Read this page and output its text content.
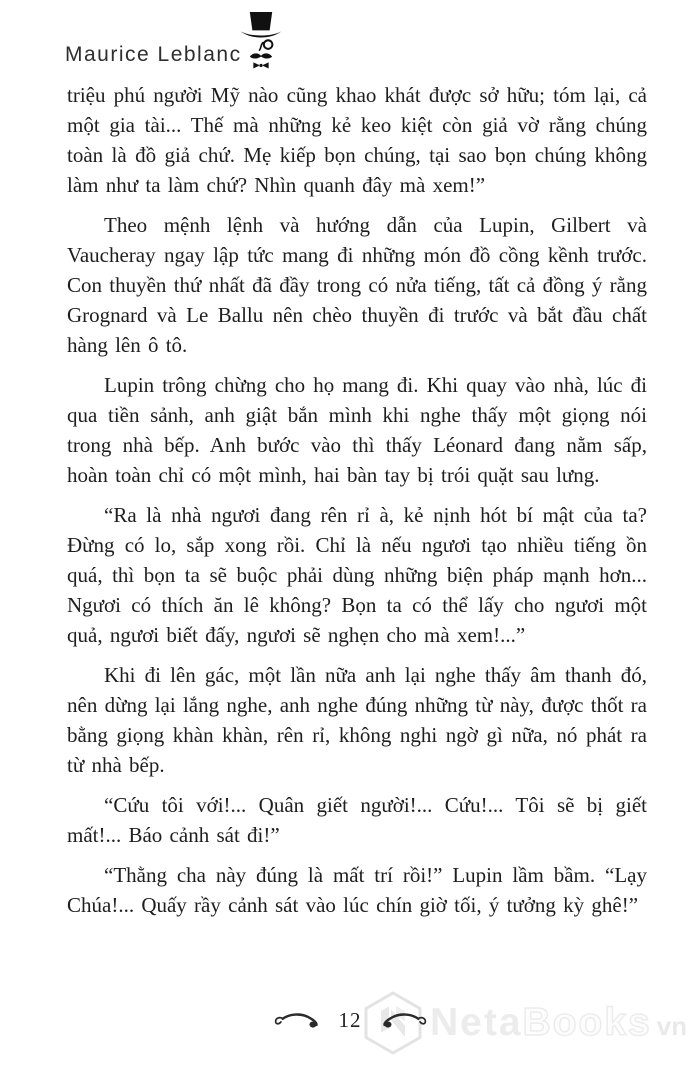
Maurice Leblanc

triệu phú người Mỹ nào cũng khao khát được sở hữu; tóm lại, cả một gia tài... Thế mà những kẻ keo kiệt còn giả vờ rằng chúng toàn là đồ giả chứ. Mẹ kiếp bọn chúng, tại sao bọn chúng không làm như ta làm chứ? Nhìn quanh đây mà xem!”

Theo mệnh lệnh và hướng dẫn của Lupin, Gilbert và Vaucheray ngay lập tức mang đi những món đồ cồng kềnh trước. Con thuyền thứ nhất đã đầy trong có nửa tiếng, tất cả đồng ý rằng Grognard và Le Ballu nên chèo thuyền đi trước và bắt đầu chất hàng lên ô tô.

Lupin trông chừng cho họ mang đi. Khi quay vào nhà, lúc đi qua tiền sảnh, anh giật bắn mình khi nghe thấy một giọng nói trong nhà bếp. Anh bước vào thì thấy Léonard đang nằm sấp, hoàn toàn chỉ có một mình, hai bàn tay bị trói quặt sau lưng.

“Ra là nhà ngươi đang rên rỉ à, kẻ nịnh hót bí mật của ta? Đừng có lo, sắp xong rồi. Chỉ là nếu ngươi tạo nhiều tiếng ồn quá, thì bọn ta sẽ buộc phải dùng những biện pháp mạnh hơn... Ngươi có thích ăn lê không? Bọn ta có thể lấy cho ngươi một quả, ngươi biết đấy, ngươi sẽ nghẹn cho mà xem!...”

Khi đi lên gác, một lần nữa anh lại nghe thấy âm thanh đó, nên dừng lại lắng nghe, anh nghe đúng những từ này, được thốt ra bằng giọng khàn khàn, rên rỉ, không nghi ngờ gì nữa, nó phát ra từ nhà bếp.

“Cứu tôi với!... Quân giết người!... Cứu!... Tôi sẽ bị giết mất!... Báo cảnh sát đi!”

“Thằng cha này đúng là mất trí rồi!” Lupin lầm bầm. “Lạy Chúa!... Quấy rầy cảnh sát vào lúc chín giờ tối, ý tưởng kỳ ghê!”

Neta Books vn
12
